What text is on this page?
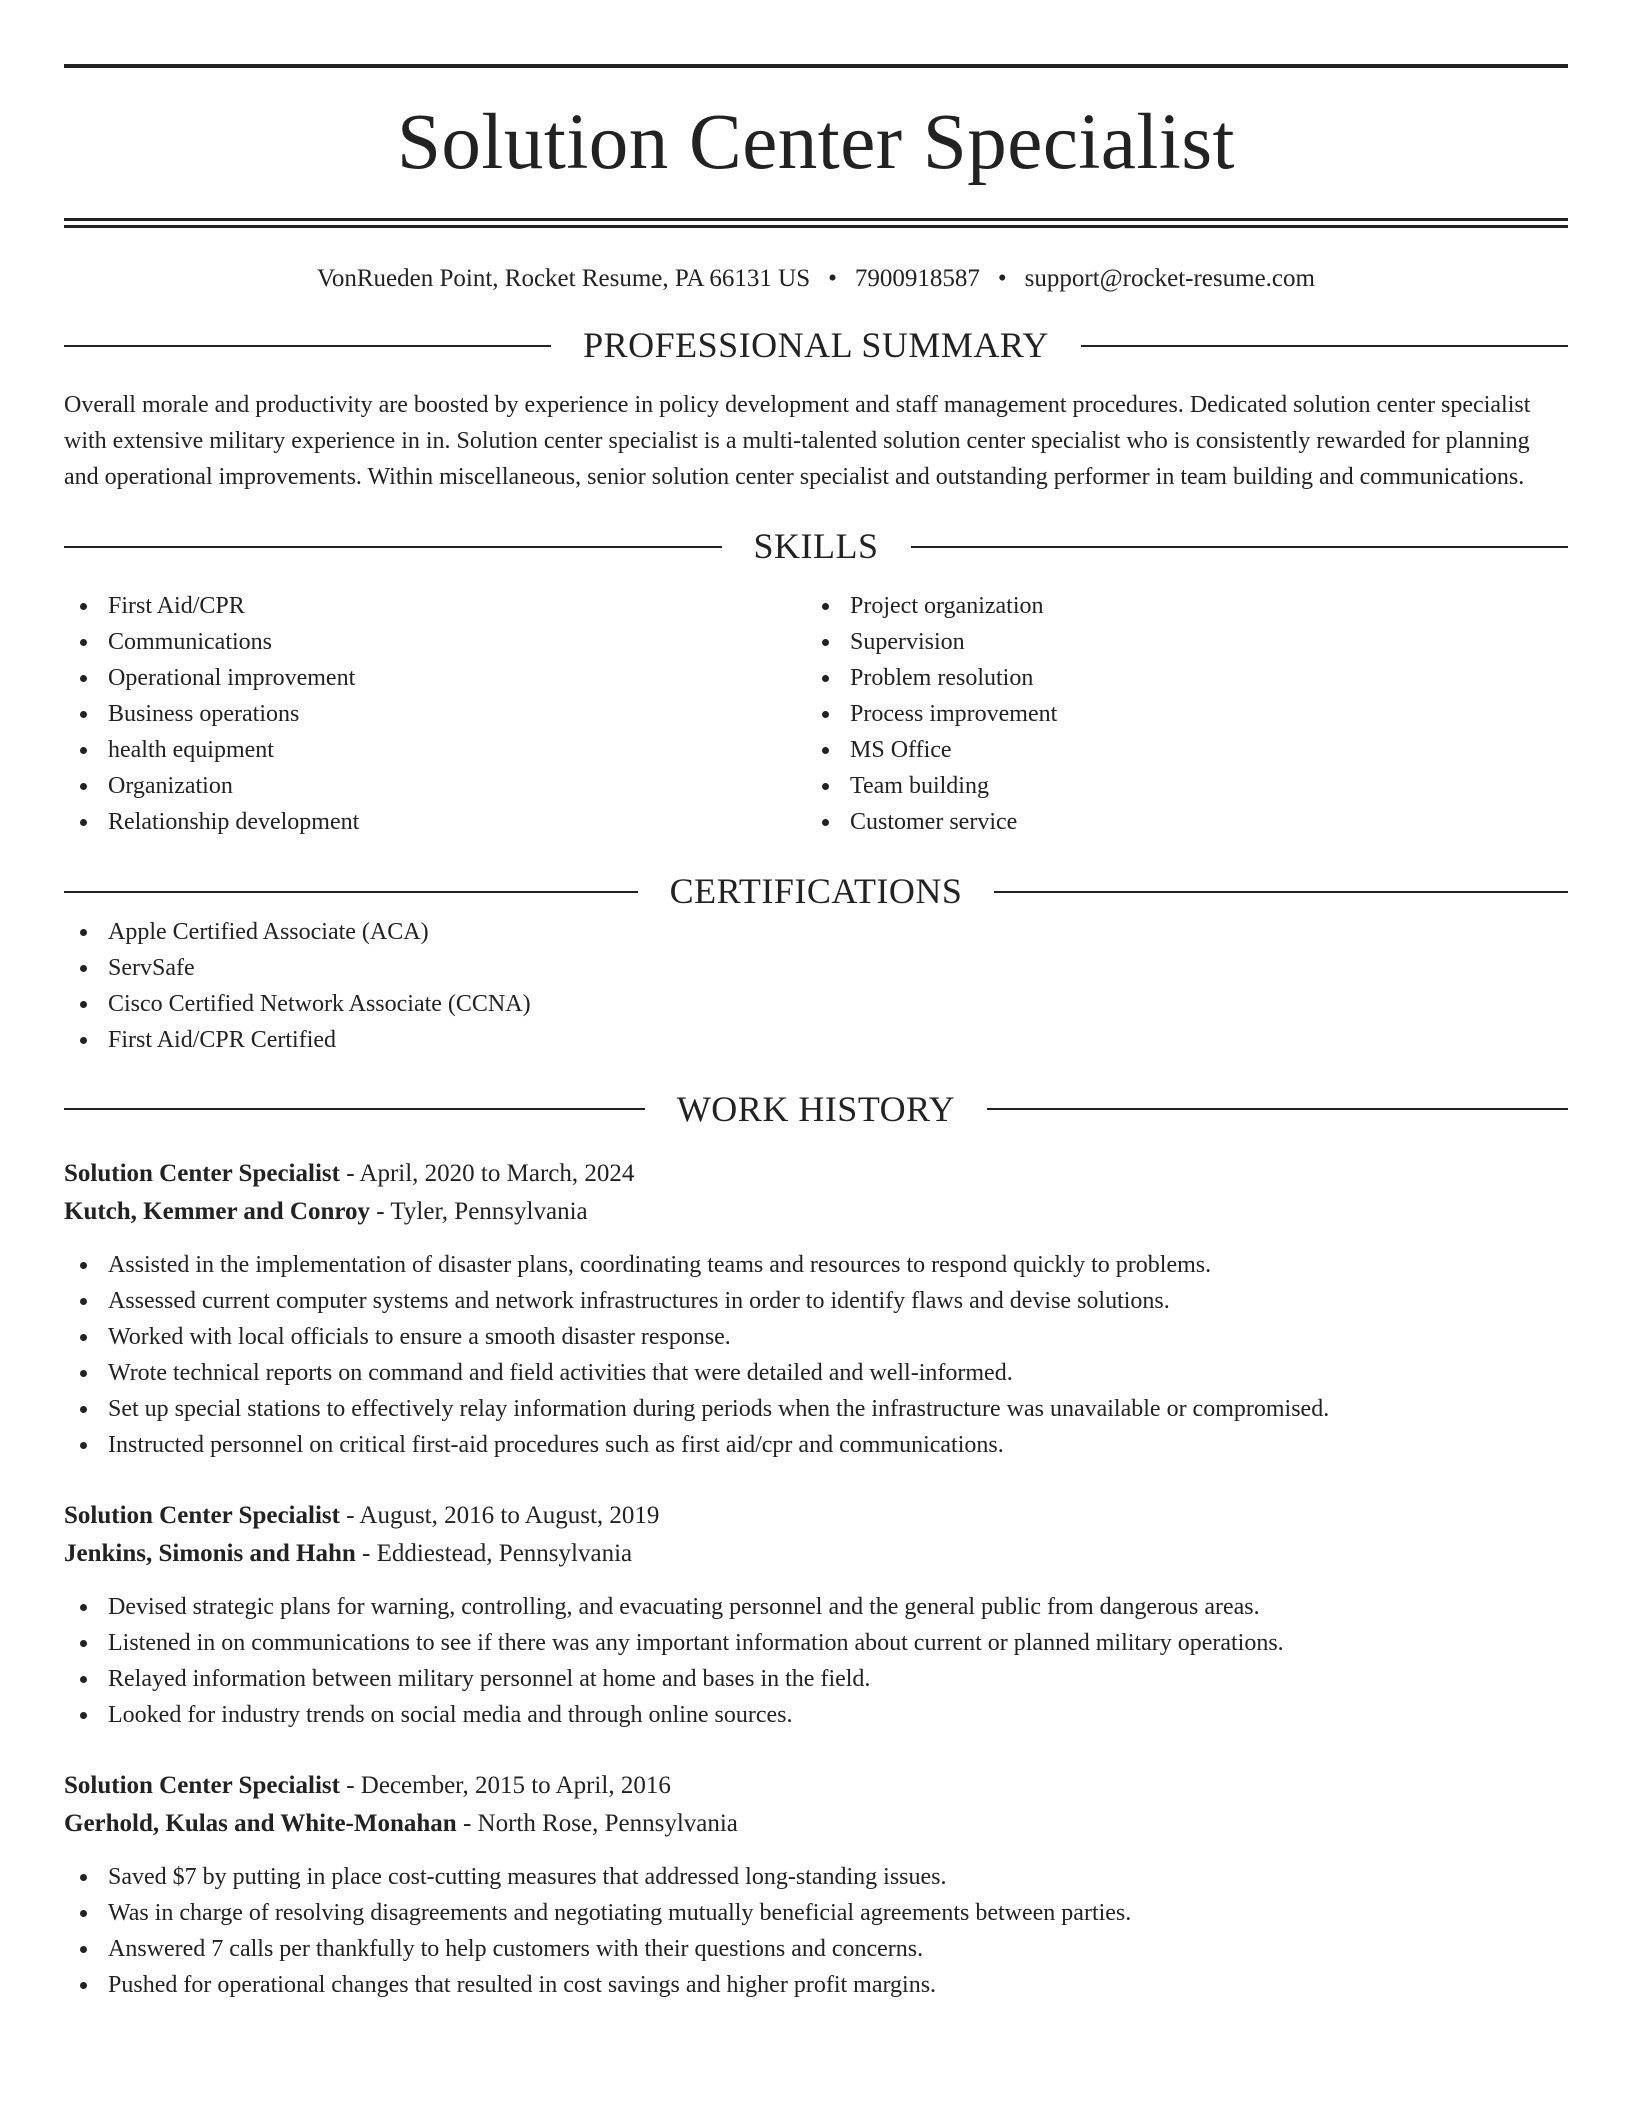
Solution Center Specialist
VonRueden Point, Rocket Resume, PA 66131 US • 7900918587 • support@rocket-resume.com
PROFESSIONAL SUMMARY
Overall morale and productivity are boosted by experience in policy development and staff management procedures. Dedicated solution center specialist with extensive military experience in in. Solution center specialist is a multi-talented solution center specialist who is consistently rewarded for planning and operational improvements. Within miscellaneous, senior solution center specialist and outstanding performer in team building and communications.
SKILLS
First Aid/CPR
Communications
Operational improvement
Business operations
health equipment
Organization
Relationship development
Project organization
Supervision
Problem resolution
Process improvement
MS Office
Team building
Customer service
CERTIFICATIONS
Apple Certified Associate (ACA)
ServSafe
Cisco Certified Network Associate (CCNA)
First Aid/CPR Certified
WORK HISTORY
Solution Center Specialist - April, 2020 to March, 2024
Kutch, Kemmer and Conroy - Tyler, Pennsylvania
Assisted in the implementation of disaster plans, coordinating teams and resources to respond quickly to problems.
Assessed current computer systems and network infrastructures in order to identify flaws and devise solutions.
Worked with local officials to ensure a smooth disaster response.
Wrote technical reports on command and field activities that were detailed and well-informed.
Set up special stations to effectively relay information during periods when the infrastructure was unavailable or compromised.
Instructed personnel on critical first-aid procedures such as first aid/cpr and communications.
Solution Center Specialist - August, 2016 to August, 2019
Jenkins, Simonis and Hahn - Eddiestead, Pennsylvania
Devised strategic plans for warning, controlling, and evacuating personnel and the general public from dangerous areas.
Listened in on communications to see if there was any important information about current or planned military operations.
Relayed information between military personnel at home and bases in the field.
Looked for industry trends on social media and through online sources.
Solution Center Specialist - December, 2015 to April, 2016
Gerhold, Kulas and White-Monahan - North Rose, Pennsylvania
Saved $7 by putting in place cost-cutting measures that addressed long-standing issues.
Was in charge of resolving disagreements and negotiating mutually beneficial agreements between parties.
Answered 7 calls per thankfully to help customers with their questions and concerns.
Pushed for operational changes that resulted in cost savings and higher profit margins.
